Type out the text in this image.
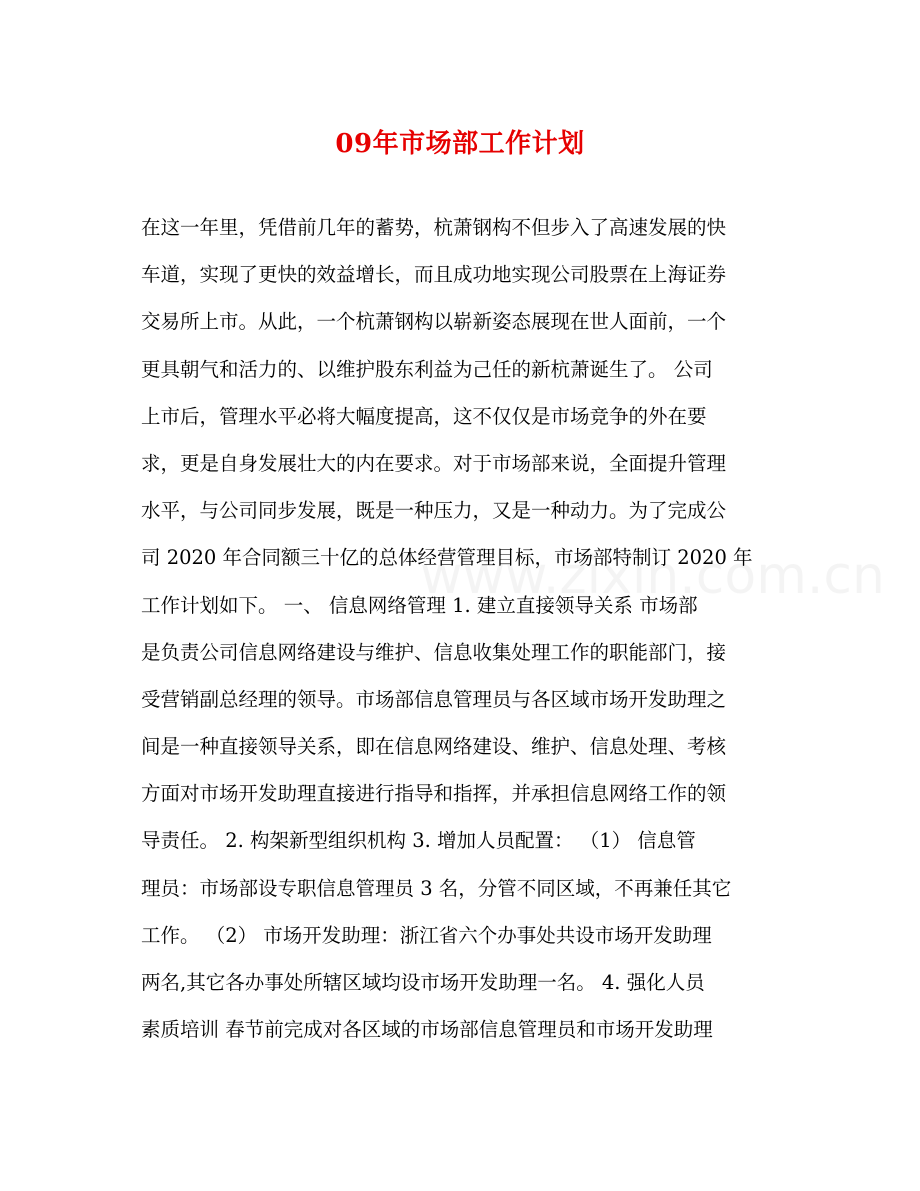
09年市场部工作计划
在这一年里，凭借前几年的蓄势，杭萧钢构不但步入了高速发展的快
车道，实现了更快的效益增长，而且成功地实现公司股票在上海证券
交易所上市。从此，一个杭萧钢构以崭新姿态展现在世人面前，一个
更具朝气和活力的、以维护股东利益为己任的新杭萧诞生了。 公司
上市后，管理水平必将大幅度提高，这不仅仅是市场竞争的外在要
求，更是自身发展壮大的内在要求。对于市场部来说，全面提升管理
水平，与公司同步发展，既是一种压力，又是一种动力。为了完成公
司 2020 年合同额三十亿的总体经营管理目标，市场部特制订 2020 年
工作计划如下。 一、 信息网络管理 1. 建立直接领导关系 市场部
是负责公司信息网络建设与维护、信息收集处理工作的职能部门，接
受营销副总经理的领导。市场部信息管理员与各区域市场开发助理之
间是一种直接领导关系，即在信息网络建设、维护、信息处理、考核
方面对市场开发助理直接进行指导和指挥，并承担信息网络工作的领
导责任。 2. 构架新型组织机构 3. 增加人员配置： （1） 信息管
理员：市场部设专职信息管理员 3 名，分管不同区域，不再兼任其它
工作。 （2） 市场开发助理：浙江省六个办事处共设市场开发助理
两名,其它各办事处所辖区域均设市场开发助理一名。 4. 强化人员
素质培训 春节前完成对各区域的市场部信息管理员和市场开发助理
